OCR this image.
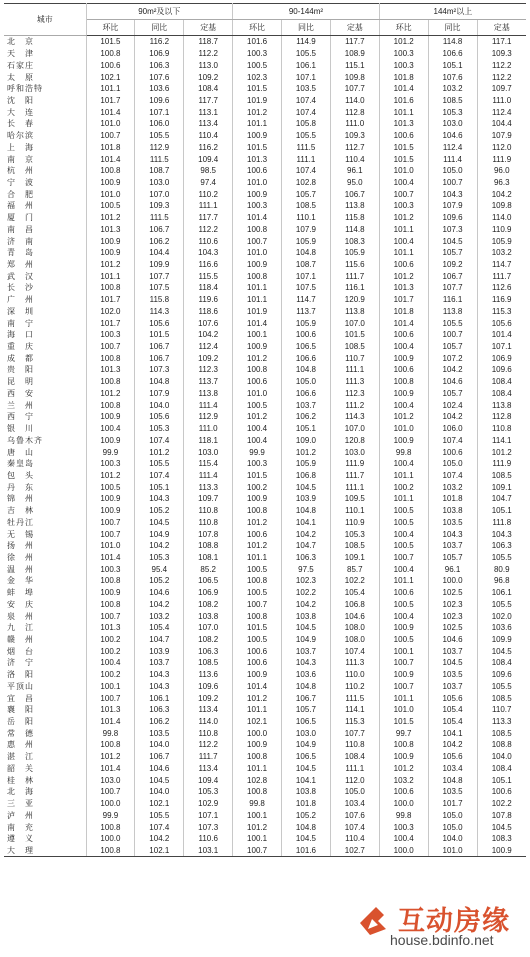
城市	90m²及以下			90-144m²			144m²以上		
	环比	同比	定基	环比	同比	定基	环比	同比	定基
北　京	101.5	116.2	118.7	101.6	114.9	117.7	101.2	114.8	117.1
天　津	100.8	106.9	112.2	100.3	105.5	108.9	100.3	106.6	109.3
石家庄	100.6	106.3	113.0	100.5	106.1	115.1	100.3	105.1	112.2
太　原	102.1	107.6	109.2	102.3	107.1	109.8	101.8	107.6	112.2
呼和浩特	101.1	103.6	108.4	101.5	103.5	107.7	101.4	103.2	109.7
沈　阳	101.7	109.6	117.7	101.9	107.4	114.0	101.6	108.5	111.0
大　连	101.4	107.1	113.1	101.2	107.4	112.8	101.1	105.3	112.4
长　春	101.0	106.0	113.4	101.1	105.8	111.0	101.3	103.0	104.4
哈尔滨	100.7	105.5	110.4	100.9	105.5	109.3	100.6	104.6	107.9
上　海	101.8	112.9	116.2	101.5	111.5	112.7	101.5	112.4	112.0
南　京	101.4	111.5	109.4	101.3	111.1	110.4	101.5	111.4	111.9
杭　州	100.8	108.7	98.5	100.6	107.4	96.1	101.0	105.0	96.0
宁　波	100.9	103.0	97.4	101.0	102.8	95.0	100.4	100.7	96.3
合　肥	101.0	107.0	110.2	100.9	105.7	106.7	100.7	104.3	104.2
福　州	100.5	109.3	111.1	100.3	108.5	113.8	100.3	107.9	109.8
厦　门	101.2	111.5	117.7	101.4	110.1	115.8	101.2	109.6	114.0
南　昌	101.3	106.7	112.2	100.8	107.9	114.8	101.1	107.3	110.9
济　南	100.9	106.2	110.6	100.7	105.9	108.3	100.4	104.5	105.9
青　岛	100.9	104.4	104.3	101.0	104.8	105.9	101.1	105.7	103.2
郑　州	101.2	109.9	116.6	100.9	108.7	115.6	100.6	109.2	114.7
武　汉	101.1	107.7	115.5	100.8	107.1	111.7	101.2	106.7	111.7
长　沙	100.8	107.5	118.4	101.1	107.5	116.1	101.3	107.7	112.6
广　州	101.7	115.8	119.6	101.1	114.7	120.9	101.7	116.1	116.9
深　圳	102.0	114.3	118.6	101.9	113.7	113.8	101.8	113.8	115.3
南　宁	101.7	105.6	107.6	101.4	105.9	107.0	101.4	105.5	105.6
海　口	100.3	101.5	104.2	100.1	100.6	101.5	100.6	100.7	101.4
重　庆	100.7	106.7	112.4	100.9	106.5	108.5	100.4	105.7	107.1
成　都	100.8	106.7	109.2	101.2	106.6	110.7	100.9	107.2	106.9
贵　阳	101.3	107.3	112.3	100.8	104.8	111.1	100.6	104.2	109.6
昆　明	100.8	104.8	113.7	100.6	105.0	111.3	100.8	104.6	108.4
西　安	101.2	107.9	113.8	101.0	106.6	112.3	100.9	105.7	108.4
兰　州	100.8	104.0	111.4	100.5	103.7	111.2	100.4	102.4	113.8
西　宁	100.9	105.6	112.9	101.2	106.2	114.3	101.2	104.2	112.8
银　川	100.4	105.3	111.0	100.4	105.1	107.0	101.0	106.0	110.8
乌鲁木齐	100.9	107.4	118.1	100.4	109.0	120.8	100.9	107.4	114.1
唐　山	99.9	101.2	103.0	99.9	101.2	103.0	99.8	100.6	101.2
秦皇岛	100.3	105.5	115.4	100.3	105.9	111.9	100.4	105.0	111.9
包　头	101.2	107.4	111.4	101.5	106.8	111.7	101.1	107.4	108.5
丹　东	100.5	105.1	113.3	100.2	104.5	111.1	100.2	103.2	109.1
锦　州	100.9	104.3	109.7	100.9	103.9	109.5	101.1	101.8	104.7
吉　林	100.9	105.2	110.8	100.8	104.8	110.1	100.5	103.8	105.1
牡丹江	100.7	104.5	110.8	101.2	104.1	110.9	100.5	103.5	111.8
无　锡	100.7	104.9	107.8	100.6	104.2	105.3	100.4	104.3	104.3
扬　州	101.0	104.2	108.8	101.2	104.7	108.5	100.5	103.7	106.3
徐　州	101.4	105.3	108.1	101.1	106.3	109.1	100.7	105.7	105.5
温　州	100.3	95.4	85.2	100.5	97.5	85.7	100.4	96.1	80.9
金　华	100.8	105.2	106.5	100.8	102.3	102.2	101.1	100.0	96.8
蚌　埠	100.9	104.6	106.9	100.5	102.2	105.4	100.6	102.5	106.1
安　庆	100.8	104.2	108.2	100.7	104.2	106.8	100.5	102.3	105.5
泉　州	100.7	103.2	103.8	100.8	103.8	104.6	100.4	102.3	102.0
九　江	101.3	105.4	107.0	101.5	104.5	108.0	100.9	102.5	103.6
赣　州	100.2	104.7	108.2	100.5	104.9	108.0	100.5	104.6	109.9
烟　台	100.2	103.9	106.3	100.6	103.7	107.4	100.1	103.7	104.5
济　宁	100.4	103.7	108.5	100.6	104.3	111.3	100.7	104.5	108.4
洛　阳	100.2	104.3	113.6	100.9	103.6	110.0	100.9	103.5	109.6
平顶山	100.1	104.3	109.6	101.4	104.8	110.2	100.7	103.7	105.5
宜　昌	100.7	106.1	109.2	101.2	106.7	111.5	101.1	105.6	108.5
襄　阳	101.3	106.3	113.4	101.1	105.7	114.1	101.0	105.4	110.7
岳　阳	101.4	106.2	114.0	102.1	106.5	115.3	101.5	105.4	113.3
常　德	99.8	103.5	110.8	100.0	103.0	107.7	99.7	104.1	108.5
惠　州	100.8	104.0	112.2	100.9	104.9	110.8	100.8	104.2	108.8
湛　江	101.2	106.7	111.7	100.8	106.5	108.4	100.9	105.6	104.0
韶　关	101.4	104.6	113.4	101.1	104.5	111.1	101.2	103.4	108.4
桂　林	103.0	104.5	109.4	102.8	104.1	112.0	103.2	104.8	105.1
北　海	100.7	104.0	105.3	100.8	103.8	105.0	100.6	103.5	100.6
三　亚	100.0	102.1	102.9	99.8	101.8	103.4	100.0	101.7	102.2
泸　州	99.9	105.5	107.1	100.1	105.2	107.6	99.8	105.0	107.8
南　充	100.8	107.4	107.3	101.2	104.8	107.4	100.3	105.0	104.5
遵　义	100.0	104.2	110.6	100.1	104.5	110.4	100.4	104.0	108.3
大　理	100.8	102.1	103.1	100.7	101.6	102.7	100.0	101.0	100.9
互动房缘
house.bdinfo.net
